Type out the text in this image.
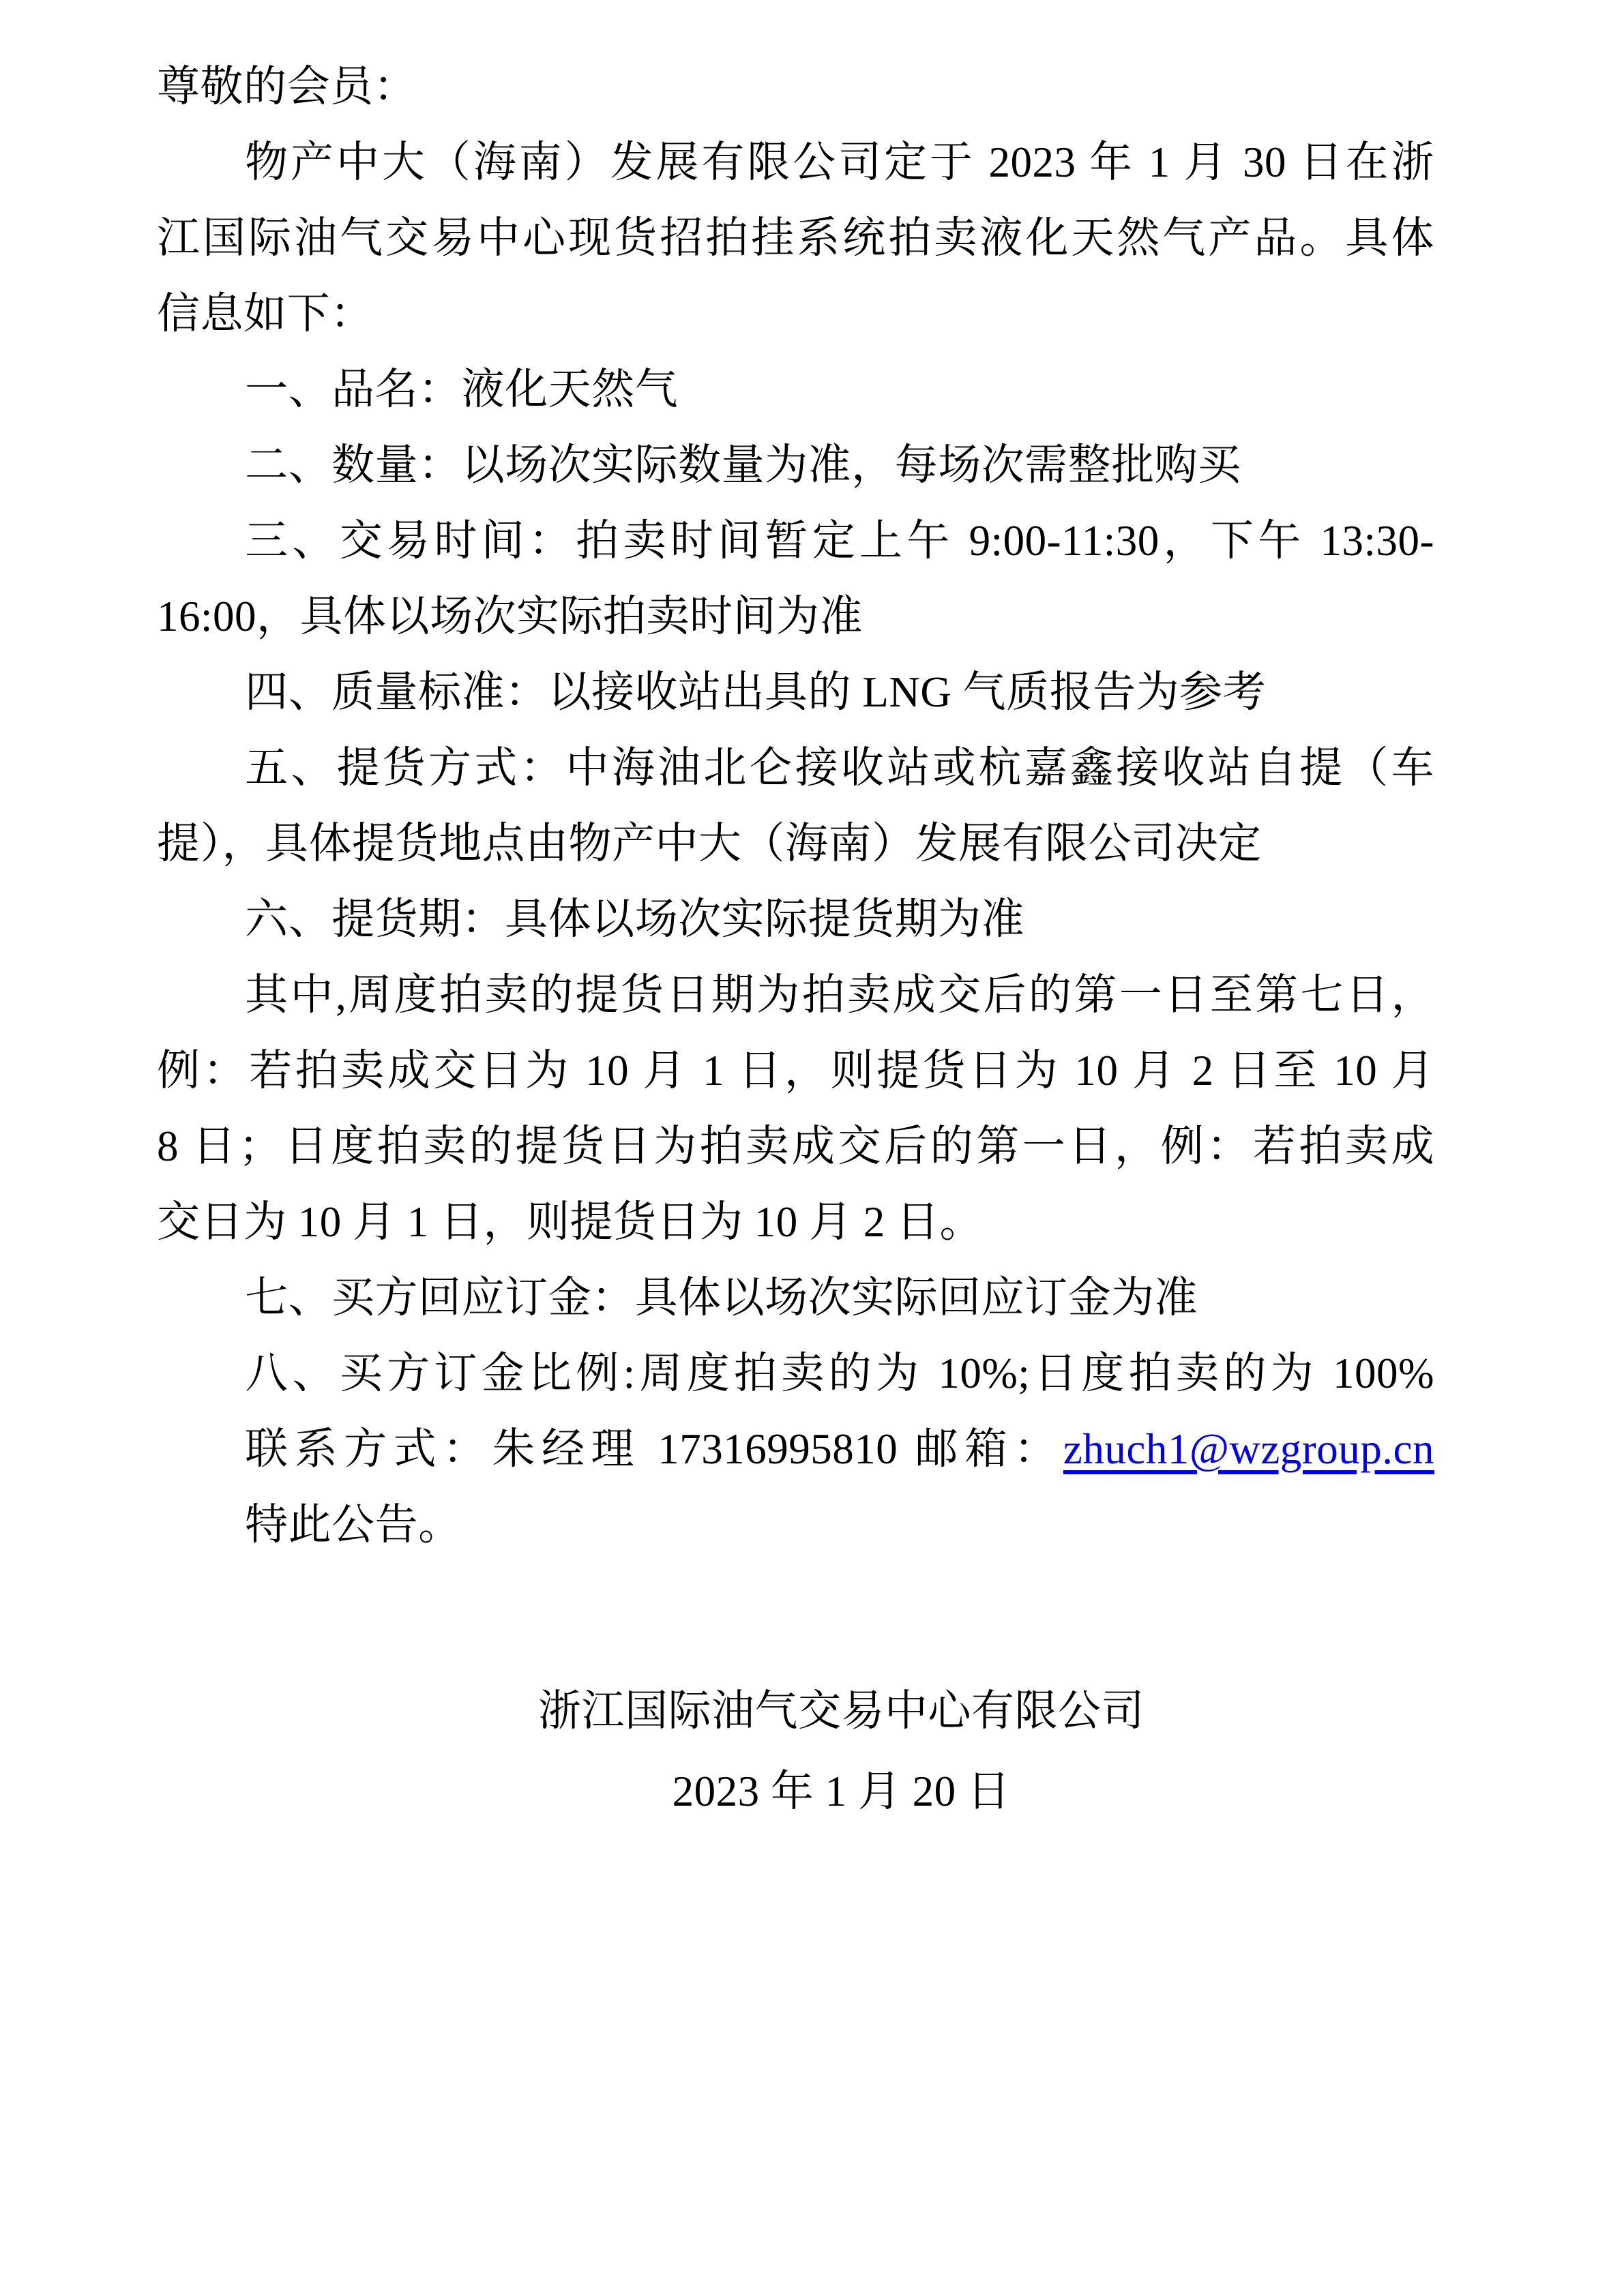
尊敬的会员：

物产中大（海南）发展有限公司定于 2023 年 1 月 30 日在浙

江国际油气交易中心现货招拍挂系统拍卖液化天然气产品。具体

信息如下：

一、品名：液化天然气

二、数量：以场次实际数量为准，每场次需整批购买

三、交易时间：拍卖时间暂定上午 9:00-11:30，下午 13:30-

16:00，具体以场次实际拍卖时间为准

四、质量标准：以接收站出具的 LNG 气质报告为参考

五、提货方式：中海油北仑接收站或杭嘉鑫接收站自提（车

提），具体提货地点由物产中大（海南）发展有限公司决定

六、提货期：具体以场次实际提货期为准

其中,周度拍卖的提货日期为拍卖成交后的第一日至第七日，

例：若拍卖成交日为 10 月 1 日，则提货日为 10 月 2 日至 10 月

8 日；日度拍卖的提货日为拍卖成交后的第一日，例：若拍卖成

交日为 10 月 1 日，则提货日为 10 月 2 日。

七、买方回应订金：具体以场次实际回应订金为准

八、买方订金比例:周度拍卖的为 10%;日度拍卖的为 100%

联系方式：朱经理 17316995810 邮箱：zhuch1@wzgroup.cn

特此公告。

浙江国际油气交易中心有限公司

2023 年 1 月 20 日
